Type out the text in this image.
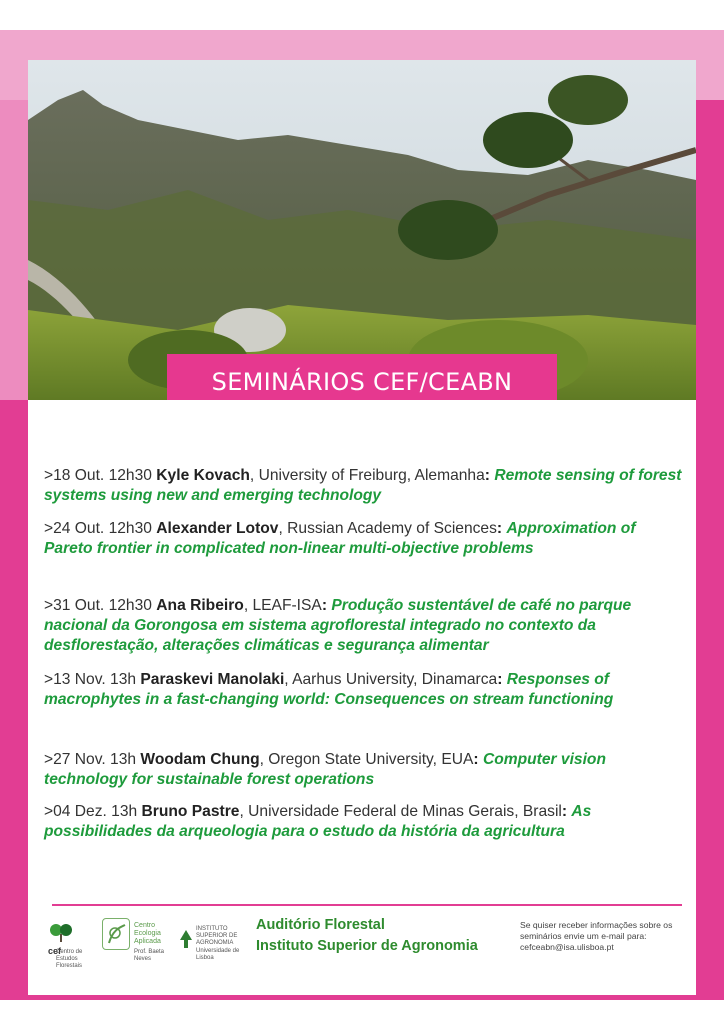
SEMINÁRIOS CEF/CEABN
>18 Out. 12h30 Kyle Kovach, University of Freiburg, Alemanha: Remote sensing of forest systems using new and emerging technology
>24 Out. 12h30 Alexander Lotov, Russian Academy of Sciences: Approximation of Pareto frontier in complicated non-linear multi-objective problems
>31 Out. 12h30 Ana Ribeiro, LEAF-ISA: Produção sustentável de café no parque nacional da Gorongosa em sistema agroflorestal integrado no contexto da desflorestação, alterações climáticas e segurança alimentar
>13 Nov. 13h Paraskevi Manolaki, Aarhus University, Dinamarca: Responses of macrophytes in a fast-changing world: Consequences on stream functioning
>27 Nov. 13h Woodam Chung, Oregon State University, EUA: Computer vision technology for sustainable forest operations
>04 Dez. 13h Bruno Pastre, Universidade Federal de Minas Gerais, Brasil: As possibilidades da arqueologia para o estudo da história da agricultura
cef
Centro de Estudos Florestais
Centro Ecologia Aplicada
Prof. Baeta Neves
INSTITUTO SUPERIOR DE AGRONOMIA
Universidade de Lisboa
Auditório Florestal
Instituto Superior de Agronomia
Se quiser receber informações sobre os
seminários envie um e-mail para:
cefceabn@isa.ulisboa.pt
